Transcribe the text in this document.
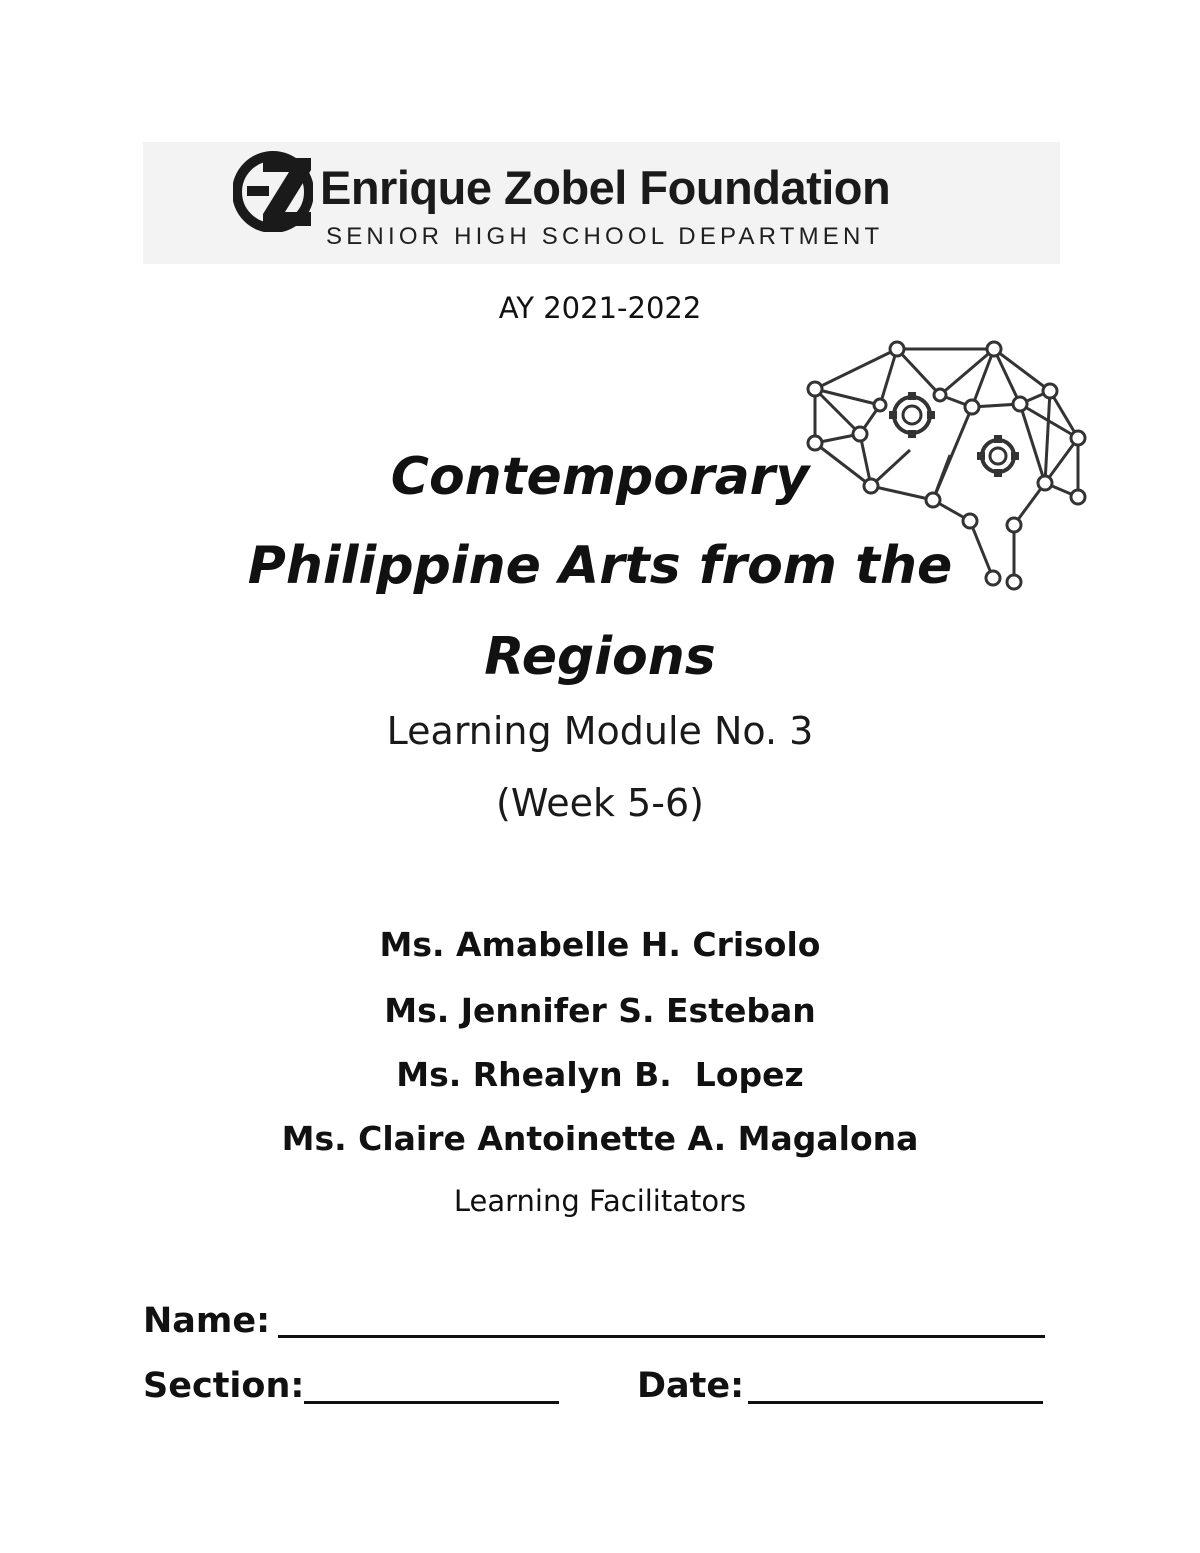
Enrique Zobel Foundation
SENIOR HIGH SCHOOL DEPARTMENT
AY 2021-2022
Contemporary
Philippine Arts from the
Regions
Learning Module No. 3
(Week 5-6)
Ms. Amabelle H. Crisolo
Ms. Jennifer S. Esteban
Ms. Rhealyn B.  Lopez
Ms. Claire Antoinette A. Magalona
Learning Facilitators
Name:
Section:	Date:
